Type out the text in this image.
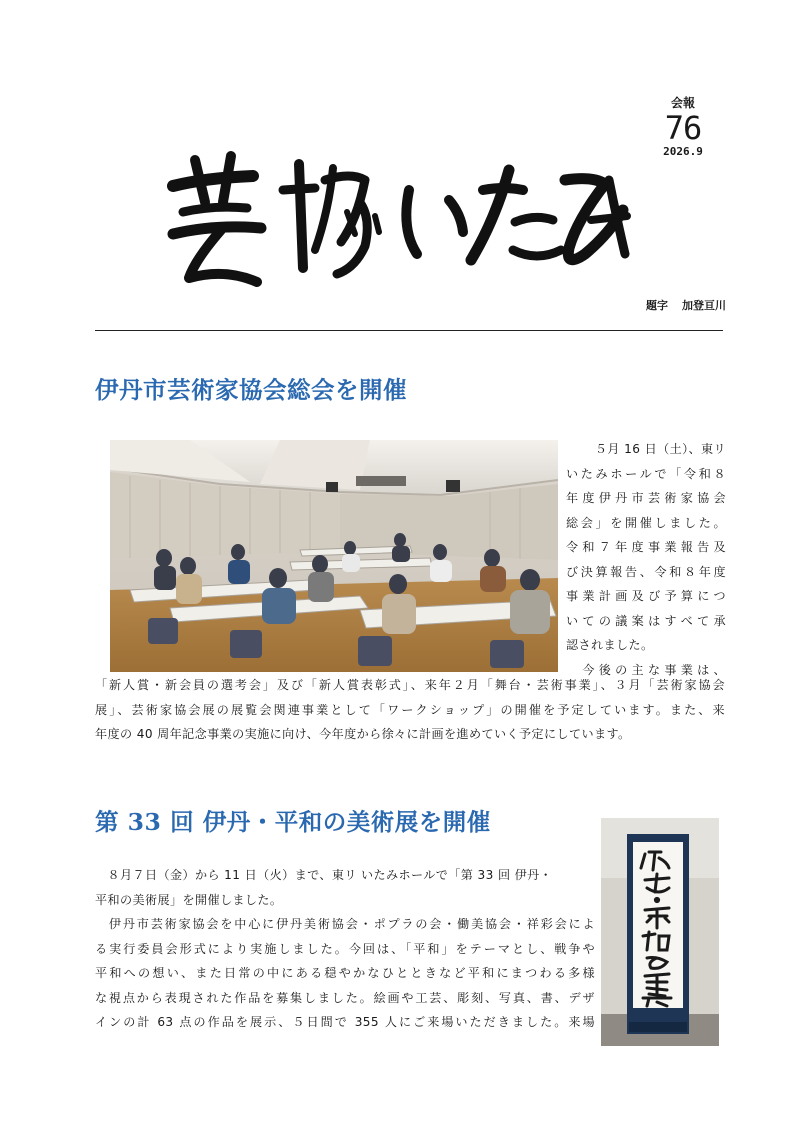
会報
76
2026.9
題字 加登亘川
伊丹市芸術家協会総会を開催
５月 16 日（土）、東リ
いたみホールで「令和８
年度伊丹市芸術家協会
総会」を開催しました。
令和７年度事業報告及
び決算報告、令和８年度
事業計画及び予算につ
いての議案はすべて承
認されました。
　今後の主な事業は、
「新人賞・新会員の選考会」及び「新人賞表彰式」、来年２月「舞台・芸術事業」、３月「芸術家協会
展」、芸術家協会展の展覧会関連事業として「ワークショップ」の開催を予定しています。また、来
年度の 40 周年記念事業の実施に向け、今年度から徐々に計画を進めていく予定にしています。
第 33 回 伊丹・平和の美術展を開催
　８月７日（金）から 11 日（火）まで、東リ いたみホールで「第 33 回 伊丹・
平和の美術展」を開催しました。
　伊丹市芸術家協会を中心に伊丹美術協会・ポプラの会・働美協会・祥彩会によ
る実行委員会形式により実施しました。今回は、「平和」をテーマとし、戦争や
平和への想い、また日常の中にある穏やかなひとときなど平和にまつわる多様
な視点から表現された作品を募集しました。絵画や工芸、彫刻、写真、書、デザ
インの計 63 点の作品を展示、５日間で 355 人にご来場いただきました。来場
